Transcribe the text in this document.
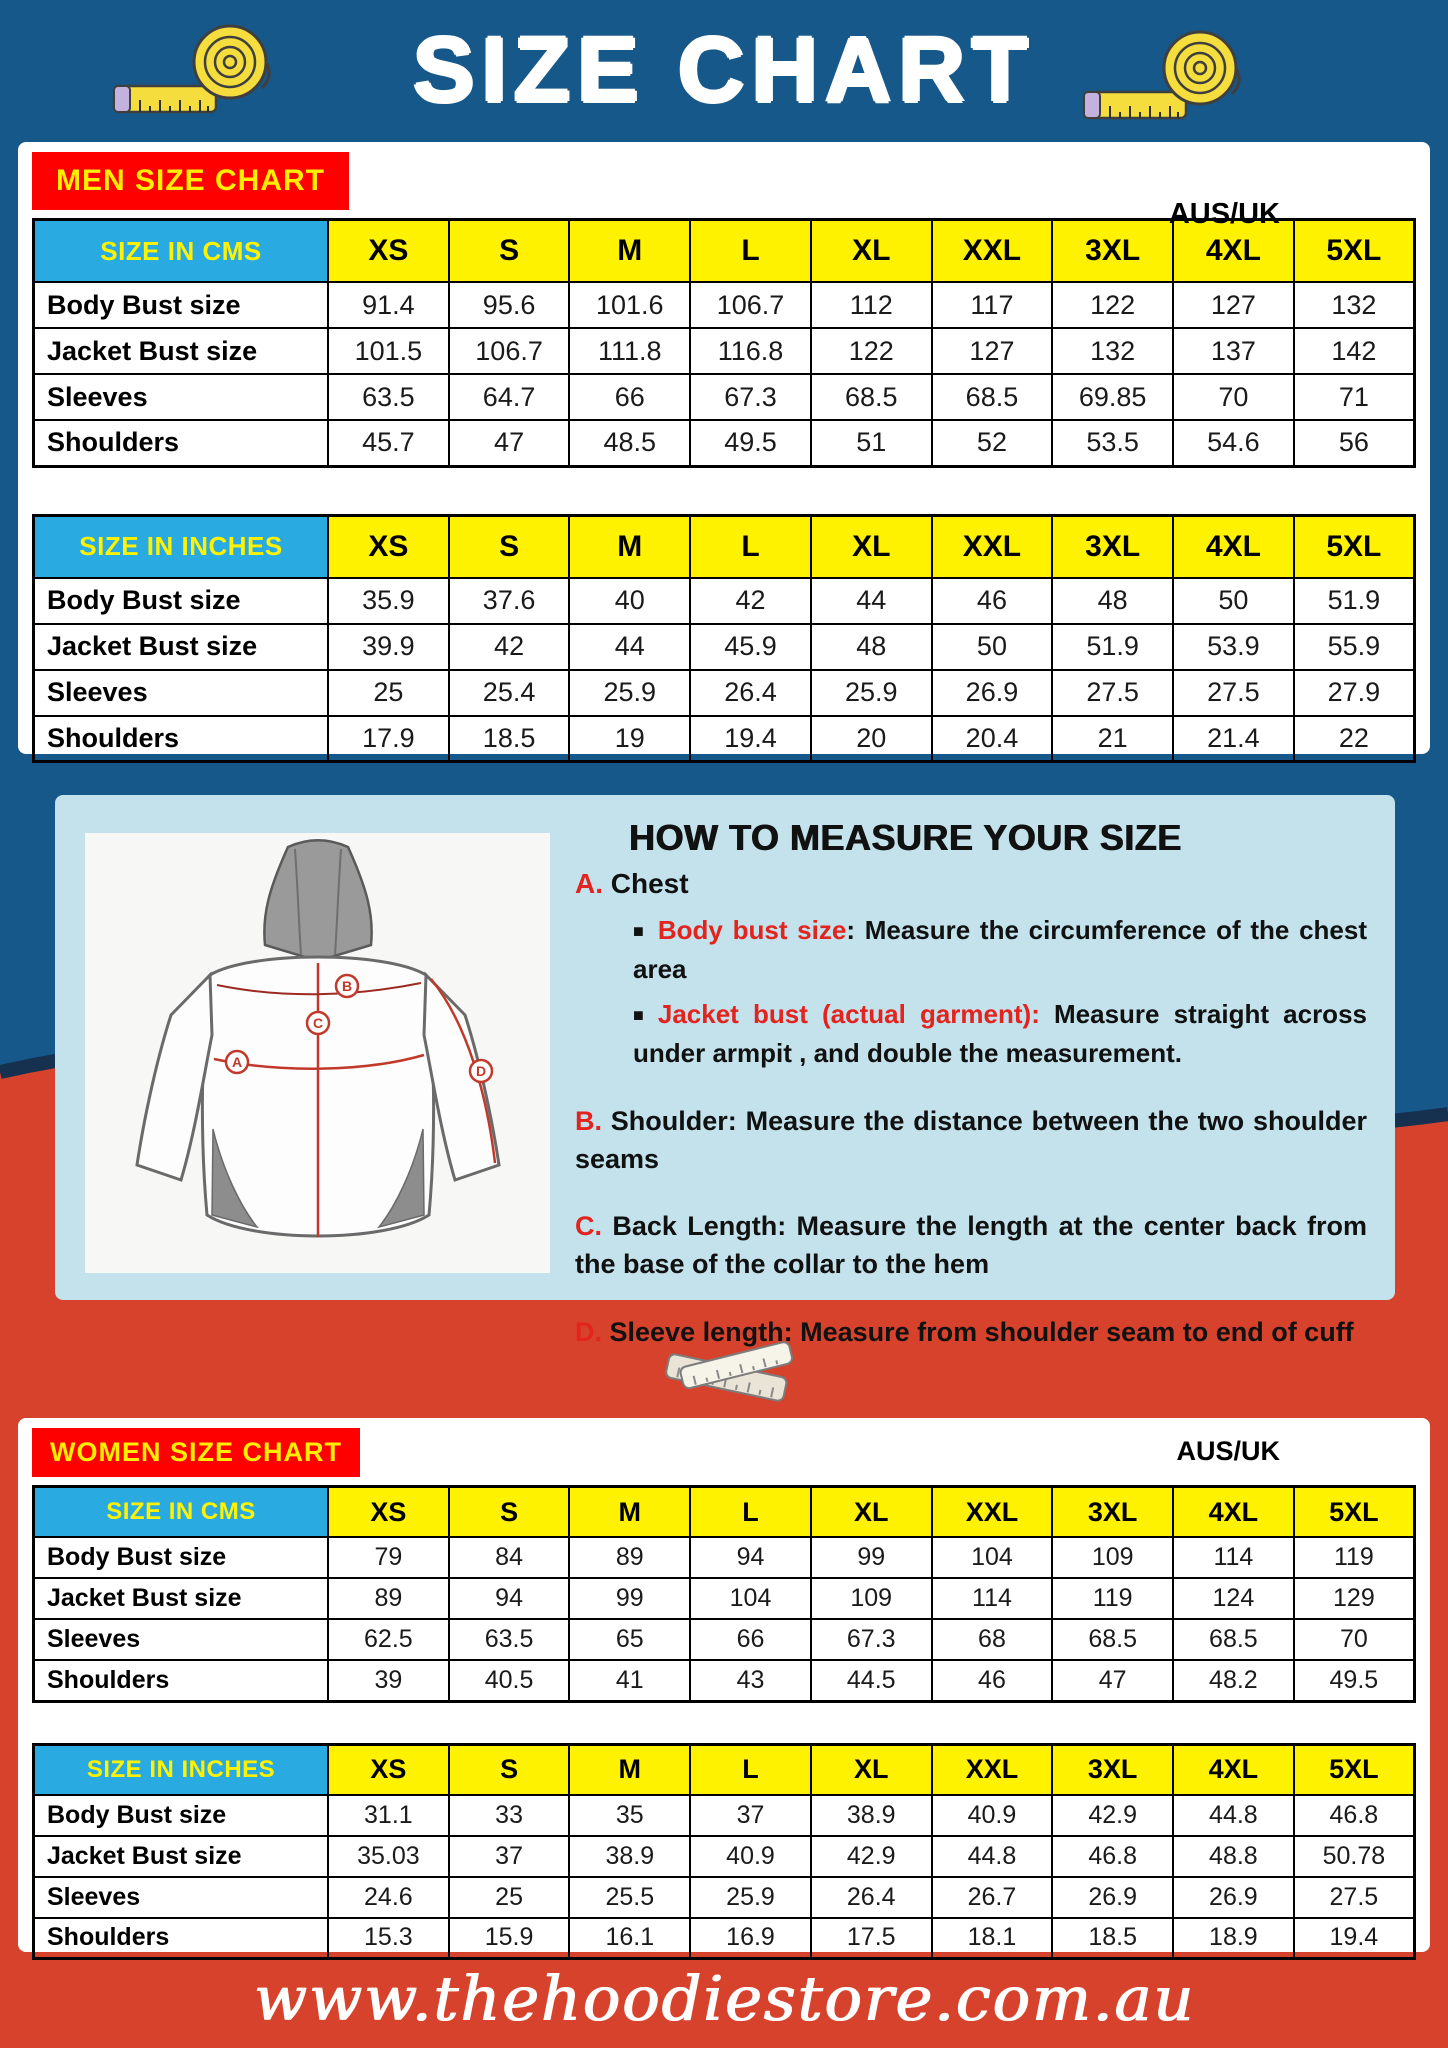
SIZE CHART
MEN SIZE CHART
AUS/UK
SIZE IN CMS	XS	S	M	L	XL	XXL	3XL	4XL	5XL
Body Bust size	91.4	95.6	101.6	106.7	112	117	122	127	132
Jacket Bust size	101.5	106.7	111.8	116.8	122	127	132	137	142
Sleeves	63.5	64.7	66	67.3	68.5	68.5	69.85	70	71
Shoulders	45.7	47	48.5	49.5	51	52	53.5	54.6	56
SIZE IN INCHES	XS	S	M	L	XL	XXL	3XL	4XL	5XL
Body Bust size	35.9	37.6	40	42	44	46	48	50	51.9
Jacket Bust size	39.9	42	44	45.9	48	50	51.9	53.9	55.9
Sleeves	25	25.4	25.9	26.4	25.9	26.9	27.5	27.5	27.9
Shoulders	17.9	18.5	19	19.4	20	20.4	21	21.4	22
HOW TO MEASURE YOUR SIZE
B
C
A
D
A. Chest
■ Body bust size: Measure the circumference of the chest area
■ Jacket bust (actual garment): Measure straight across under armpit , and double the measurement.
B. Shoulder: Measure the distance between the two shoulder seams
C. Back Length: Measure the length at the center back from the base of the collar to the hem
D. Sleeve length: Measure from shoulder seam to end of cuff
WOMEN SIZE CHART	AUS/UK
SIZE IN CMS	XS	S	M	L	XL	XXL	3XL	4XL	5XL
Body Bust size	79	84	89	94	99	104	109	114	119
Jacket Bust size	89	94	99	104	109	114	119	124	129
Sleeves	62.5	63.5	65	66	67.3	68	68.5	68.5	70
Shoulders	39	40.5	41	43	44.5	46	47	48.2	49.5
SIZE IN INCHES	XS	S	M	L	XL	XXL	3XL	4XL	5XL
Body Bust size	31.1	33	35	37	38.9	40.9	42.9	44.8	46.8
Jacket Bust size	35.03	37	38.9	40.9	42.9	44.8	46.8	48.8	50.78
Sleeves	24.6	25	25.5	25.9	26.4	26.7	26.9	26.9	27.5
Shoulders	15.3	15.9	16.1	16.9	17.5	18.1	18.5	18.9	19.4
www.thehoodiestore.com.au
